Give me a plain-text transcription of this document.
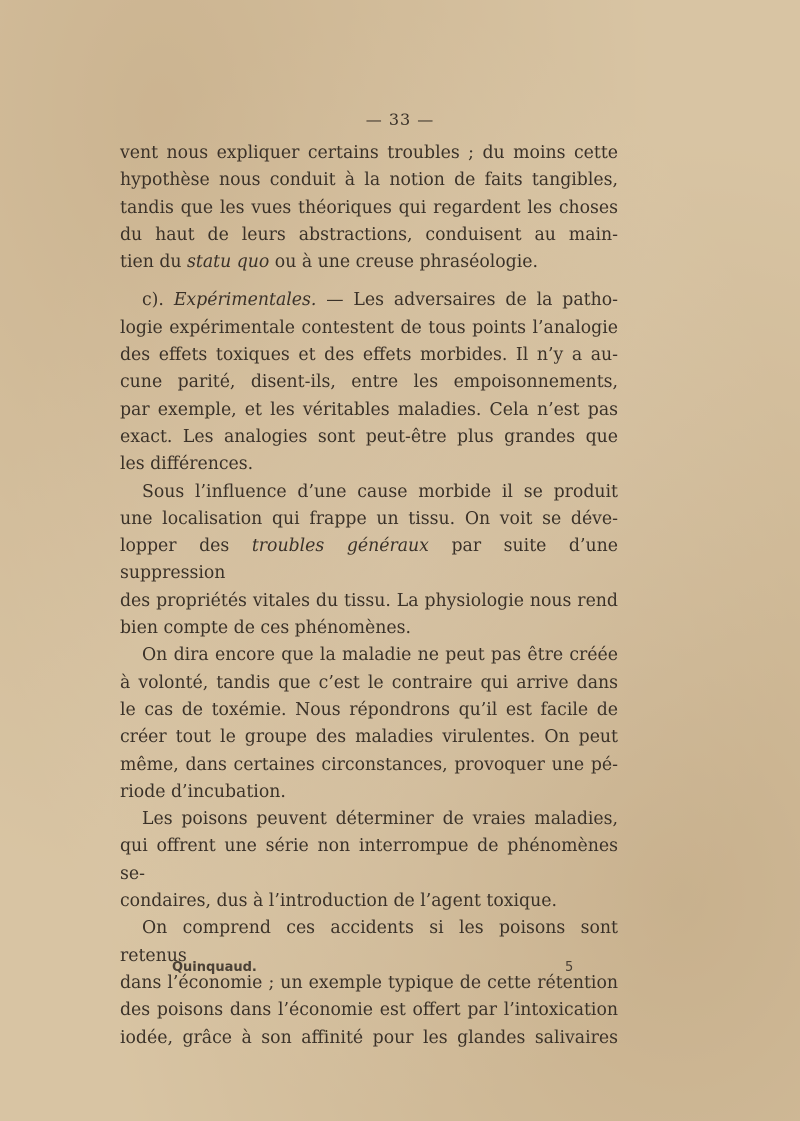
— 33 —
vent nous expliquer certains troubles ; du moins cette
hypothèse nous conduit à la notion de faits tangibles,
tandis que les vues théoriques qui regardent les choses
du haut de leurs abstractions, conduisent au main-
tien du statu quo ou à une creuse phraséologie.
c). Expérimentales. — Les adversaires de la patho-
logie expérimentale contestent de tous points l’analogie
des effets toxiques et des effets morbides. Il n’y a au-
cune parité, disent-ils, entre les empoisonnements,
par exemple, et les véritables maladies. Cela n’est pas
exact. Les analogies sont peut-être plus grandes que
les différences.
Sous l’influence d’une cause morbide il se produit
une localisation qui frappe un tissu. On voit se déve-
lopper des troubles généraux par suite d’une suppression
des propriétés vitales du tissu. La physiologie nous rend
bien compte de ces phénomènes.
On dira encore que la maladie ne peut pas être créée
à volonté, tandis que c’est le contraire qui arrive dans
le cas de toxémie. Nous répondrons qu’il est facile de
créer tout le groupe des maladies virulentes. On peut
même, dans certaines circonstances, provoquer une pé-
riode d’incubation.
Les poisons peuvent déterminer de vraies maladies,
qui offrent une série non interrompue de phénomènes se-
condaires, dus à l’introduction de l’agent toxique.
On comprend ces accidents si les poisons sont retenus
dans l’économie ; un exemple typique de cette rétention
des poisons dans l’économie est offert par l’intoxication
iodée, grâce à son affinité pour les glandes salivaires
Quinquaud.	5
